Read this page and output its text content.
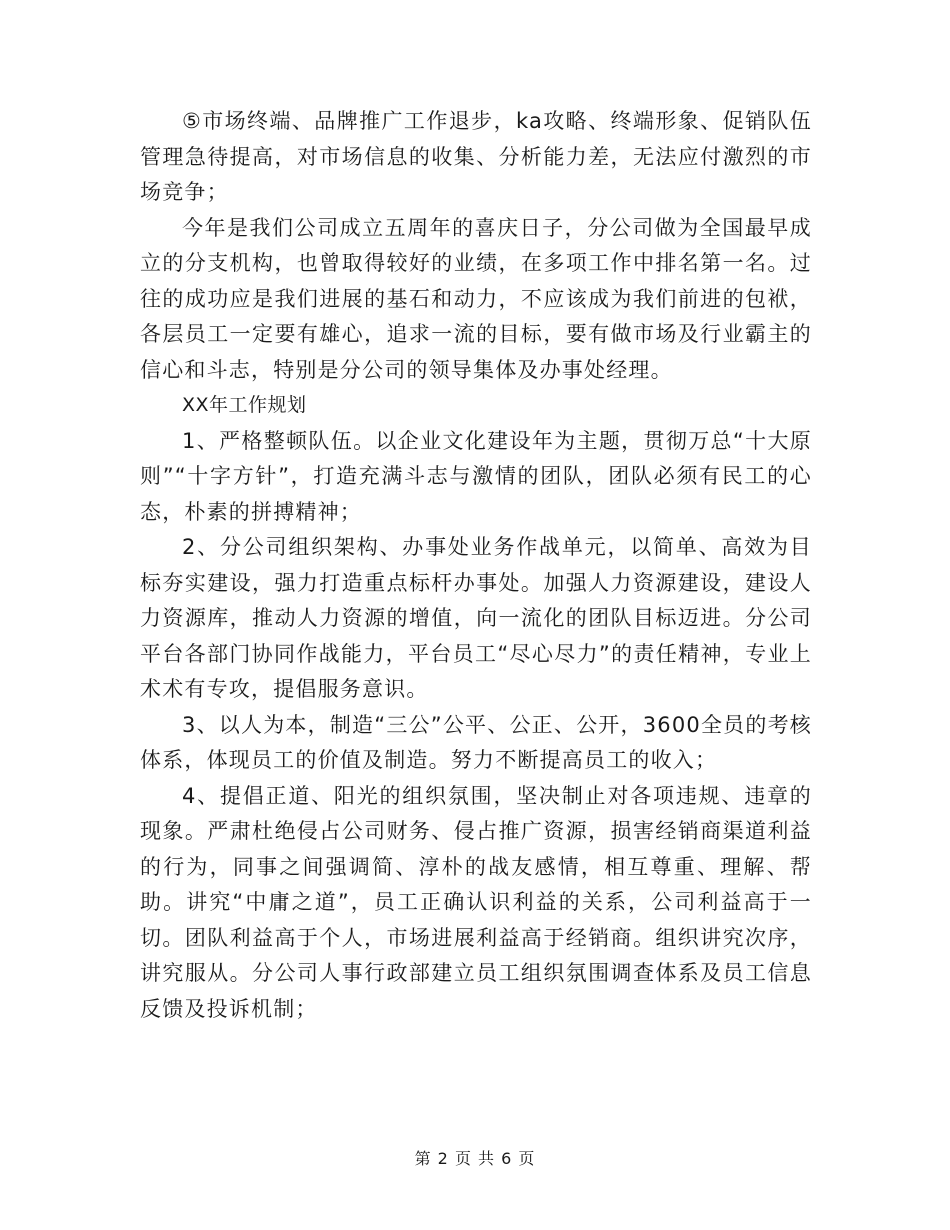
⑤市场终端、品牌推广工作退步，ka攻略、终端形象、促销队伍管理急待提高，对市场信息的收集、分析能力差，无法应付激烈的市场竞争；

今年是我们公司成立五周年的喜庆日子，分公司做为全国最早成立的分支机构，也曾取得较好的业绩，在多项工作中排名第一名。过往的成功应是我们进展的基石和动力，不应该成为我们前进的包袱，各层员工一定要有雄心，追求一流的目标，要有做市场及行业霸主的信心和斗志，特别是分公司的领导集体及办事处经理。

XX年工作规划

1、严格整顿队伍。以企业文化建设年为主题，贯彻万总“十大原则”“十字方针”，打造充满斗志与激情的团队，团队必须有民工的心态，朴素的拼搏精神；

2、分公司组织架构、办事处业务作战单元，以简单、高效为目标夯实建设，强力打造重点标杆办事处。加强人力资源建设，建设人力资源库，推动人力资源的增值，向一流化的团队目标迈进。分公司平台各部门协同作战能力，平台员工“尽心尽力”的责任精神，专业上术术有专攻，提倡服务意识。

3、以人为本，制造“三公”公平、公正、公开，3600全员的考核体系，体现员工的价值及制造。努力不断提高员工的收入；

4、提倡正道、阳光的组织氛围，坚决制止对各项违规、违章的现象。严肃杜绝侵占公司财务、侵占推广资源，损害经销商渠道利益的行为，同事之间强调简、淳朴的战友感情，相互尊重、理解、帮助。讲究“中庸之道”，员工正确认识利益的关系，公司利益高于一切。团队利益高于个人，市场进展利益高于经销商。组织讲究次序，讲究服从。分公司人事行政部建立员工组织氛围调查体系及员工信息反馈及投诉机制；

第 2 页 共 6 页
